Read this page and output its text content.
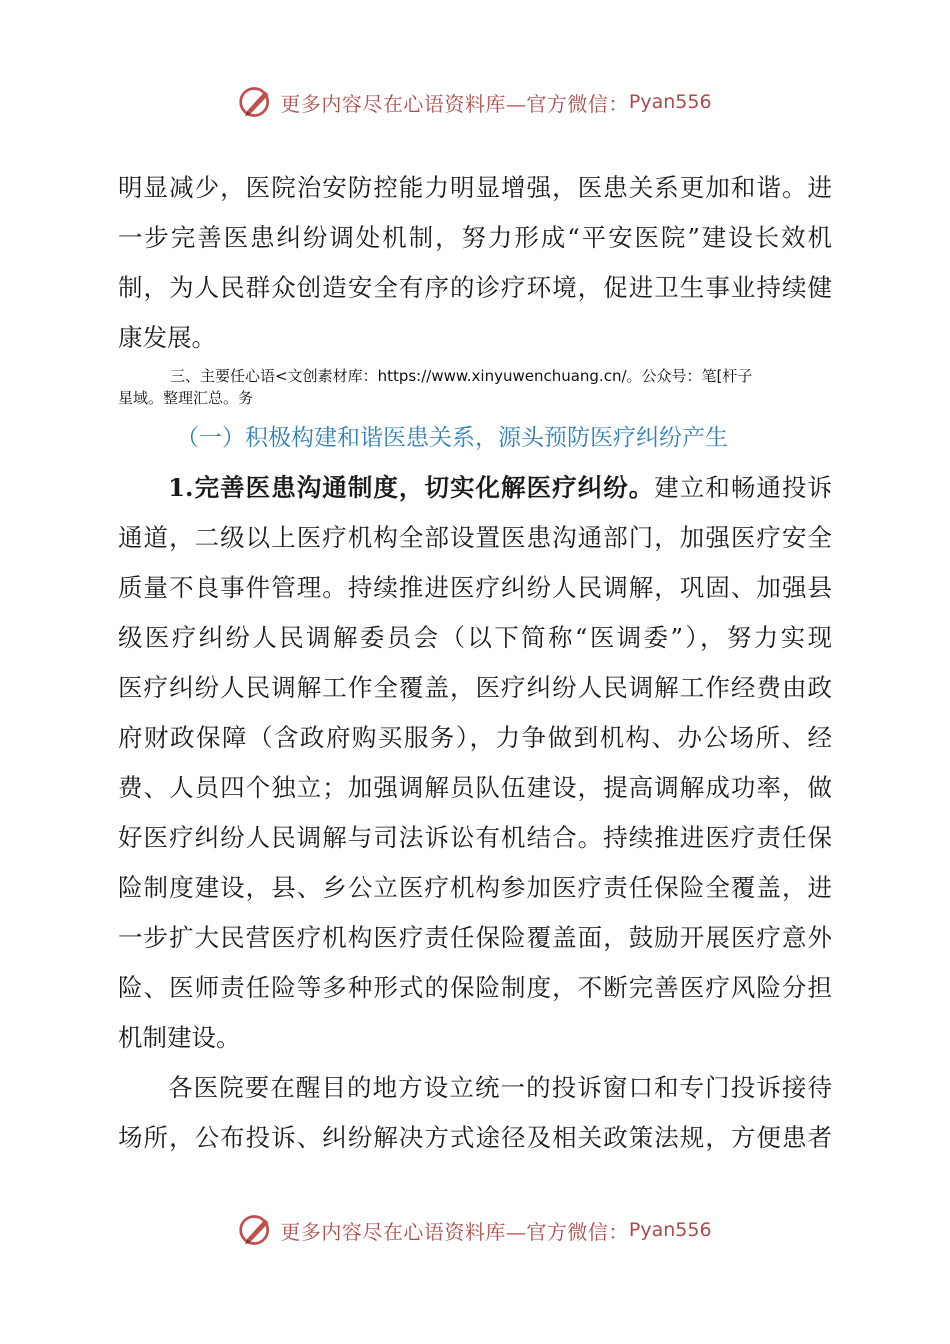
更多内容尽在心语资料库—官方微信： Pyan556
明显减少，医院治安防控能力明显增强，医患关系更加和谐。进
一步完善医患纠纷调处机制，努力形成“平安医院”建设长效机
制，为人民群众创造安全有序的诊疗环境，促进卫生事业持续健
康发展。
三、主要任心语<文创素材库：https://www.xinyuwenchuang.cn/。公众号：笔[杆子
星域。整理汇总。务
（一）积极构建和谐医患关系，源头预防医疗纠纷产生
1.完善医患沟通制度，切实化解医疗纠纷。建立和畅通投诉
通道，二级以上医疗机构全部设置医患沟通部门，加强医疗安全
质量不良事件管理。持续推进医疗纠纷人民调解，巩固、加强县
级医疗纠纷人民调解委员会（以下简称“医调委”），努力实现
医疗纠纷人民调解工作全覆盖，医疗纠纷人民调解工作经费由政
府财政保障（含政府购买服务），力争做到机构、办公场所、经
费、人员四个独立；加强调解员队伍建设，提高调解成功率，做
好医疗纠纷人民调解与司法诉讼有机结合。持续推进医疗责任保
险制度建设，县、乡公立医疗机构参加医疗责任保险全覆盖，进
一步扩大民营医疗机构医疗责任保险覆盖面，鼓励开展医疗意外
险、医师责任险等多种形式的保险制度，不断完善医疗风险分担
机制建设。
各医院要在醒目的地方设立统一的投诉窗口和专门投诉接待
场所，公布投诉、纠纷解决方式途径及相关政策法规，方便患者
更多内容尽在心语资料库—官方微信： Pyan556
